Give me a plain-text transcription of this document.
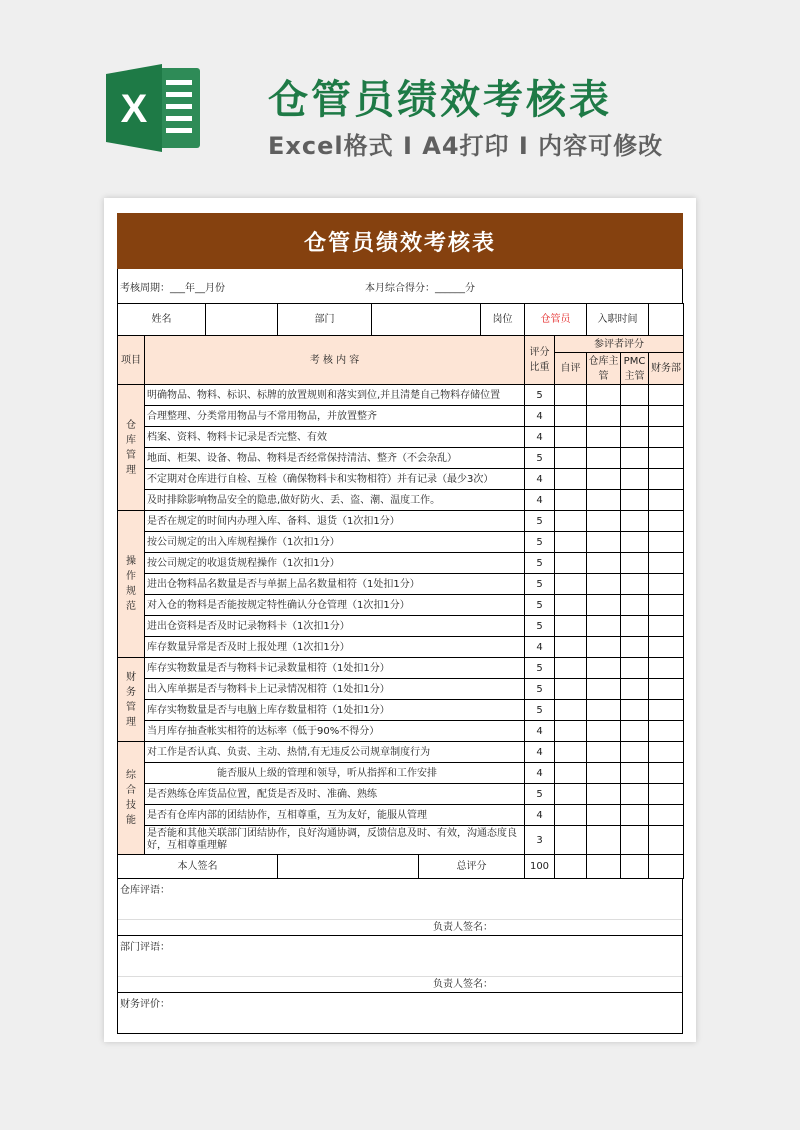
X	仓管员绩效考核表
Excel格式 I A4打印 I 内容可修改
仓管员绩效考核表
考核周期：___年__月份	本月综合得分：______分
姓名			部门			岗位	仓管员		入职时间		
项目	考 核 内 容						评分比重	参评者评分			
								自评	仓库主管	PMC主管	财务部
仓库管理	明确物品、物料、标识、标牌的放置规则和落实到位,并且清楚自己物料存储位置						5				
	合理整理、分类常用物品与不常用物品，并放置整齐						4				
	档案、资料、物料卡记录是否完整、有效						4				
	地面、柜架、设备、物品、物料是否经常保持清洁、整齐（不会杂乱）						5				
	不定期对仓库进行自检、互检（确保物料卡和实物相符）并有记录（最少3次）						4				
	及时排除影响物品安全的隐患,做好防火、丢、盗、潮、温度工作。						4				
操作规范	是否在规定的时间内办理入库、备料、退货（1次扣1分）						5				
	按公司规定的出入库规程操作（1次扣1分）						5				
	按公司规定的收退货规程操作（1次扣1分）						5				
	进出仓物料品名数量是否与单据上品名数量相符（1处扣1分）						5				
	对入仓的物料是否能按规定特性确认分仓管理（1次扣1分）						5				
	进出仓资料是否及时记录物料卡（1次扣1分）						5				
	库存数量异常是否及时上报处理（1次扣1分）						4				
财务管理	库存实物数量是否与物料卡记录数量相符（1处扣1分）						5				
	出入库单据是否与物料卡上记录情况相符（1处扣1分）						5				
	库存实物数量是否与电脑上库存数量相符（1处扣1分）						5				
	当月库存抽查帐实相符的达标率（低于90%不得分）						4				
综合技能	对工作是否认真、负责、主动、热情,有无违反公司规章制度行为						4				
	能否服从上级的管理和领导，听从指挥和工作安排						4				
	是否熟练仓库货品位置，配货是否及时、准确、熟练						5				
	是否有仓库内部的团结协作，互相尊重，互为友好，能服从管理						4				
	是否能和其他关联部门团结协作，良好沟通协调，反馈信息及时、有效，沟通态度良好，互相尊重理解						3				
本人签名					总评分		100				
仓库评语：
负责人签名：
部门评语：
负责人签名：
财务评价：
